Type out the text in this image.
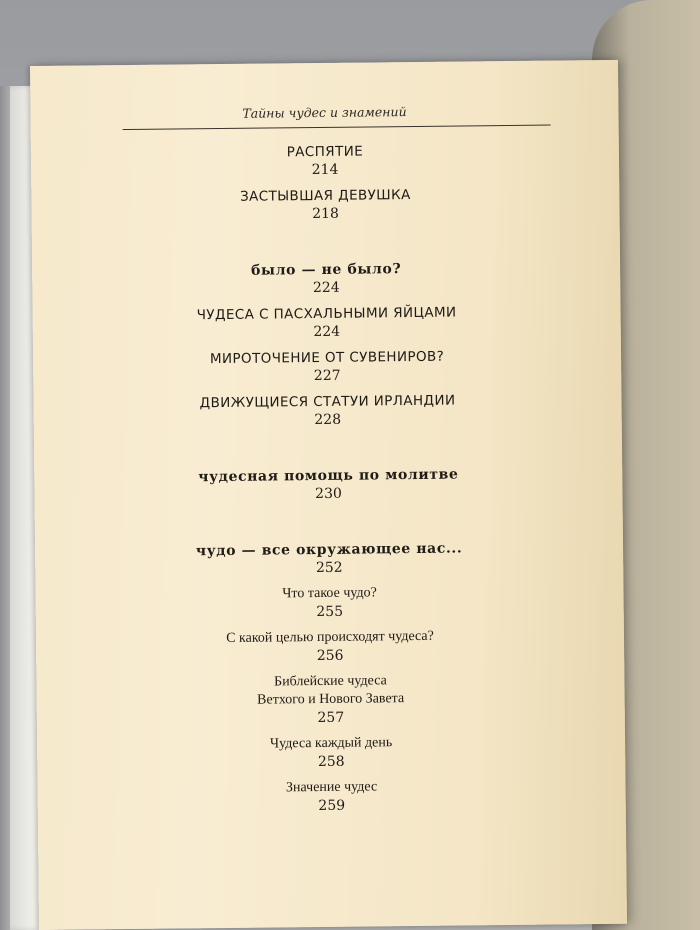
Тайны чудес и знамений
РАСПЯТИЕ
214
ЗАСТЫВШАЯ ДЕВУШКА
218
было — не было?
224
ЧУДЕСА С ПАСХАЛЬНЫМИ ЯЙЦАМИ
224
МИРОТОЧЕНИЕ ОТ СУВЕНИРОВ?
227
ДВИЖУЩИЕСЯ СТАТУИ ИРЛАНДИИ
228
чудесная помощь по молитве
230
чудо — все окружающее нас...
252
Что такое чудо?
255
С какой целью происходят чудеса?
256
Библейские чудеса
Ветхого и Нового Завета
257
Чудеса каждый день
258
Значение чудес
259
